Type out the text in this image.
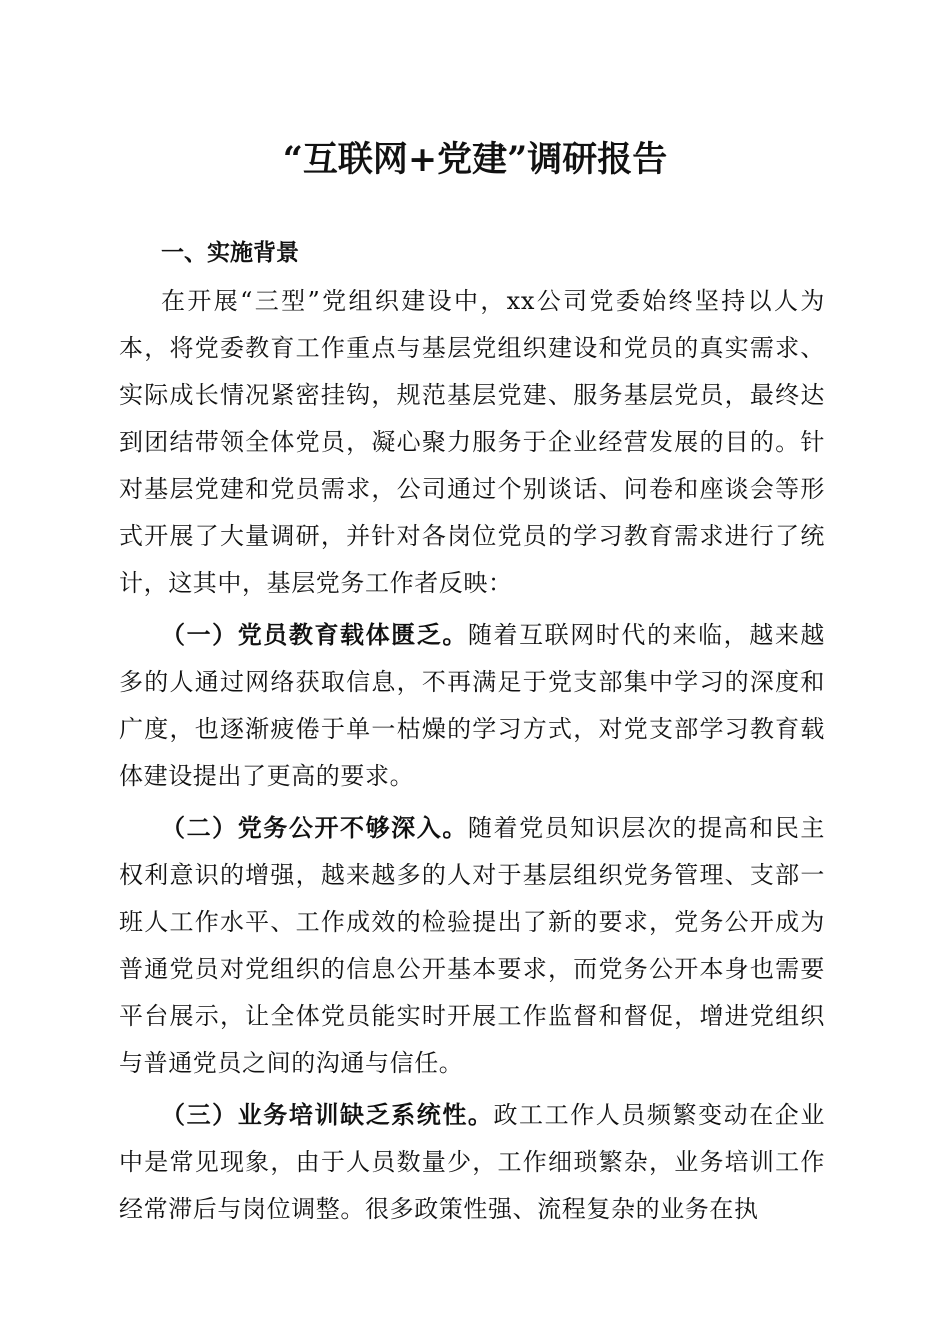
“互联网+党建”调研报告
一、实施背景

在开展“三型”党组织建设中，xx公司党委始终坚持以人为本，将党委教育工作重点与基层党组织建设和党员的真实需求、实际成长情况紧密挂钩，规范基层党建、服务基层党员，最终达到团结带领全体党员，凝心聚力服务于企业经营发展的目的。针对基层党建和党员需求，公司通过个别谈话、问卷和座谈会等形式开展了大量调研，并针对各岗位党员的学习教育需求进行了统计，这其中，基层党务工作者反映：

（一）党员教育载体匮乏。随着互联网时代的来临，越来越多的人通过网络获取信息，不再满足于党支部集中学习的深度和广度，也逐渐疲倦于单一枯燥的学习方式，对党支部学习教育载体建设提出了更高的要求。

（二）党务公开不够深入。随着党员知识层次的提高和民主权利意识的增强，越来越多的人对于基层组织党务管理、支部一班人工作水平、工作成效的检验提出了新的要求，党务公开成为普通党员对党组织的信息公开基本要求，而党务公开本身也需要平台展示，让全体党员能实时开展工作监督和督促，增进党组织与普通党员之间的沟通与信任。

（三）业务培训缺乏系统性。政工工作人员频繁变动在企业中是常见现象，由于人员数量少，工作细琐繁杂，业务培训工作经常滞后与岗位调整。很多政策性强、流程复杂的业务在执
